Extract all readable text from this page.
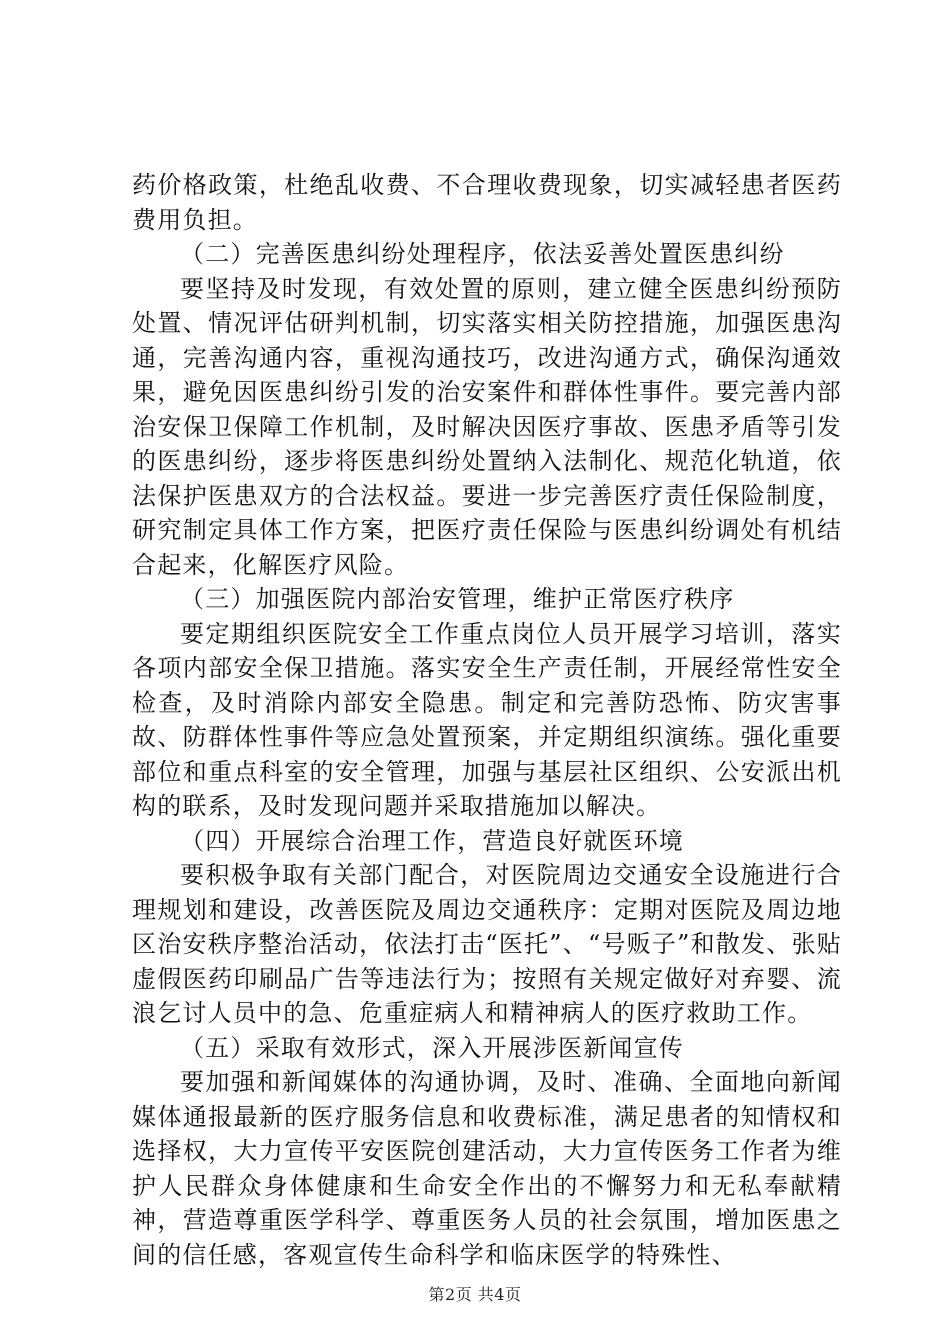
药价格政策，杜绝乱收费、不合理收费现象，切实减轻患者医药费用负担。

（二）完善医患纠纷处理程序，依法妥善处置医患纠纷

要坚持及时发现，有效处置的原则，建立健全医患纠纷预防处置、情况评估研判机制，切实落实相关防控措施，加强医患沟通，完善沟通内容，重视沟通技巧，改进沟通方式，确保沟通效果，避免因医患纠纷引发的治安案件和群体性事件。要完善内部治安保卫保障工作机制，及时解决因医疗事故、医患矛盾等引发的医患纠纷，逐步将医患纠纷处置纳入法制化、规范化轨道，依法保护医患双方的合法权益。要进一步完善医疗责任保险制度，研究制定具体工作方案，把医疗责任保险与医患纠纷调处有机结合起来，化解医疗风险。

（三）加强医院内部治安管理，维护正常医疗秩序

要定期组织医院安全工作重点岗位人员开展学习培训，落实各项内部安全保卫措施。落实安全生产责任制，开展经常性安全检查，及时消除内部安全隐患。制定和完善防恐怖、防灾害事故、防群体性事件等应急处置预案，并定期组织演练。强化重要部位和重点科室的安全管理，加强与基层社区组织、公安派出机构的联系，及时发现问题并采取措施加以解决。

（四）开展综合治理工作，营造良好就医环境

要积极争取有关部门配合，对医院周边交通安全设施进行合理规划和建设，改善医院及周边交通秩序：定期对医院及周边地区治安秩序整治活动，依法打击“医托”、“号贩子”和散发、张贴虚假医药印刷品广告等违法行为；按照有关规定做好对弃婴、流浪乞讨人员中的急、危重症病人和精神病人的医疗救助工作。

（五）采取有效形式，深入开展涉医新闻宣传

要加强和新闻媒体的沟通协调，及时、准确、全面地向新闻媒体通报最新的医疗服务信息和收费标准，满足患者的知情权和选择权，大力宣传平安医院创建活动，大力宣传医务工作者为维护人民群众身体健康和生命安全作出的不懈努力和无私奉献精神，营造尊重医学科学、尊重医务人员的社会氛围，增加医患之间的信任感，客观宣传生命科学和临床医学的特殊性、

第2页 共4页
